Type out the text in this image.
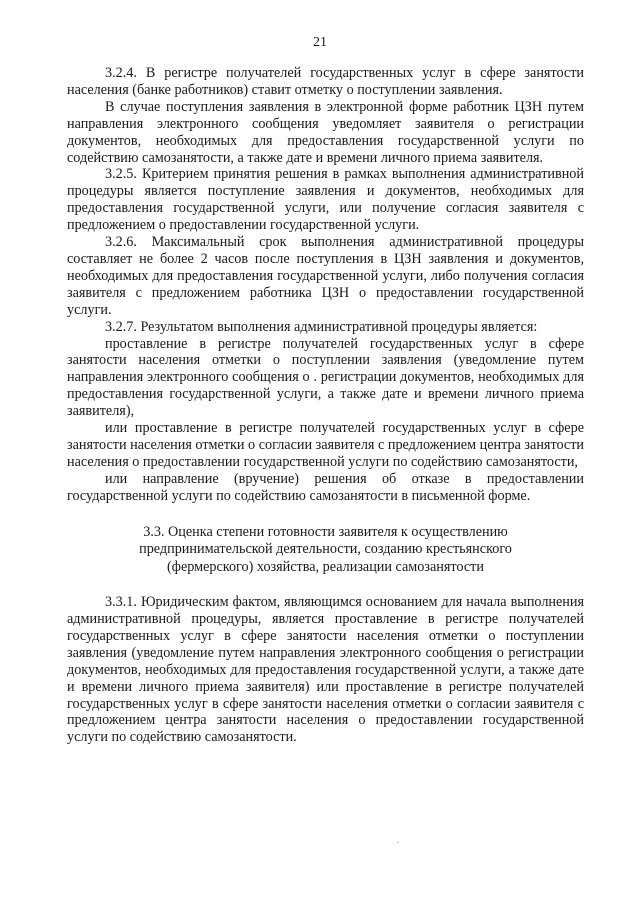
21

3.2.4. В регистре получателей государственных услуг в сфере занятости населения (банке работников) ставит отметку о поступлении заявления.

В случае поступления заявления в электронной форме работник ЦЗН путем направления электронного сообщения уведомляет заявителя о регистрации документов, необходимых для предоставления государственной услуги по содействию самозанятости, а также дате и времени личного приема заявителя.

3.2.5. Критерием принятия решения в рамках выполнения административной процедуры является поступление заявления и документов, необходимых для предоставления государственной услуги, или получение согласия заявителя с предложением о предоставлении государственной услуги.

3.2.6. Максимальный срок выполнения административной процедуры составляет не более 2 часов после поступления в ЦЗН заявления и документов, необходимых для предоставления государственной услуги, либо получения согласия заявителя с предложением работника ЦЗН о предоставлении государственной услуги.

3.2.7. Результатом выполнения административной процедуры является:

проставление в регистре получателей государственных услуг в сфере занятости населения отметки о поступлении заявления (уведомление путем направления электронного сообщения о . регистрации документов, необходимых для предоставления государственной услуги, а также дате и времени личного приема заявителя),

или проставление в регистре получателей государственных услуг в сфере занятости населения отметки о согласии заявителя с предложением центра занятости населения о предоставлении государственной услуги по содействию самозанятости,

или направление (вручение) решения об отказе в предоставлении государственной услуги по содействию самозанятости в письменной форме.

3.3. Оценка степени готовности заявителя к осуществлению
предпринимательской деятельности, созданию крестьянского
(фермерского) хозяйства, реализации самозанятости

3.3.1. Юридическим фактом, являющимся основанием для начала выполнения административной процедуры, является проставление в регистре получателей государственных услуг в сфере занятости населения отметки о поступлении заявления (уведомление путем направления электронного сообщения о регистрации документов, необходимых для предоставления государственной услуги, а также дате и времени личного приема заявителя) или проставление в регистре получателей государственных услуг в сфере занятости населения отметки о согласии заявителя с предложением центра занятости населения о предоставлении государственной услуги по содействию самозанятости.

.
